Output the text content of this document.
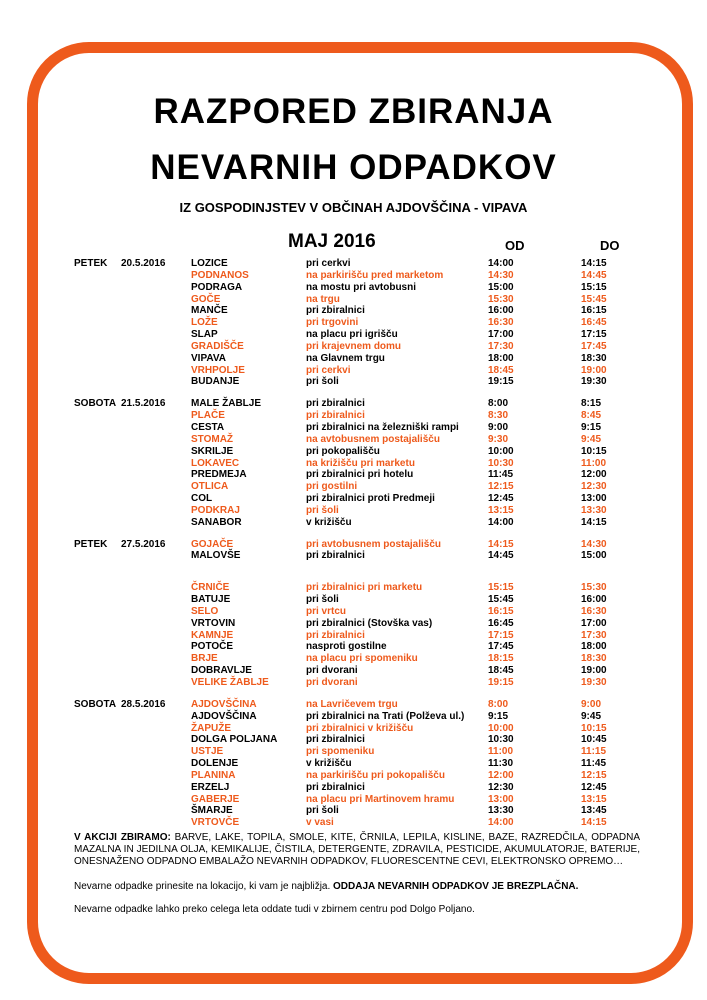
RAZPORED ZBIRANJA
NEVARNIH ODPADKOV
IZ GOSPODINJSTEV V OBČINAH AJDOVŠČINA - VIPAVA
MAJ 2016	OD	DO
PETEK 20.5.2016	LOZICE	pri cerkvi	14:00	14:15
PODNANOS	na parkirišču pred marketom	14:30	14:45
PODRAGA	na mostu pri avtobusni	15:00	15:15
GOČE	na trgu	15:30	15:45
MANČE	pri zbiralnici	16:00	16:15
LOŽE	pri trgovini	16:30	16:45
SLAP	na placu pri igrišču	17:00	17:15
GRADIŠČE	pri krajevnem domu	17:30	17:45
VIPAVA	na Glavnem trgu	18:00	18:30
VRHPOLJE	pri cerkvi	18:45	19:00
BUDANJE	pri šoli	19:15	19:30
SOBOTA 21.5.2016	MALE ŽABLJE	pri zbiralnici	8:00	8:15
PLAČE	pri zbiralnici	8:30	8:45
CESTA	pri zbiralnici na železniški rampi	9:00	9:15
STOMAŽ	na avtobusnem postajališču	9:30	9:45
SKRILJE	pri pokopališču	10:00	10:15
LOKAVEC	na križišču pri marketu	10:30	11:00
PREDMEJA	pri zbiralnici pri hotelu	11:45	12:00
OTLICA	pri gostilni	12:15	12:30
COL	pri zbiralnici proti Predmeji	12:45	13:00
PODKRAJ	pri šoli	13:15	13:30
SANABOR	v križišču	14:00	14:15
PETEK 27.5.2016	GOJAČE	pri avtobusnem postajališču	14:15	14:30
MALOVŠE	pri zbiralnici	14:45	15:00
ČRNIČE	pri zbiralnici pri marketu	15:15	15:30
BATUJE	pri šoli	15:45	16:00
SELO	pri vrtcu	16:15	16:30
VRTOVIN	pri zbiralnici (Stovška vas)	16:45	17:00
KAMNJE	pri zbiralnici	17:15	17:30
POTOČE	nasproti gostilne	17:45	18:00
BRJE	na placu pri spomeniku	18:15	18:30
DOBRAVLJE	pri dvorani	18:45	19:00
VELIKE ŽABLJE	pri dvorani	19:15	19:30
SOBOTA 28.5.2016	AJDOVŠČINA	na Lavričevem trgu	8:00	9:00
AJDOVŠČINA	pri zbiralnici na Trati (Polževa ul.) 9:15	9:45
ŽAPUŽE	pri zbiralnici v križišču	10:00	10:15
DOLGA POLJANA	pri zbiralnici	10:30	10:45
USTJE	pri spomeniku	11:00	11:15
DOLENJE	v križišču	11:30	11:45
PLANINA	na parkirišču pri pokopališču	12:00	12:15
ERZELJ	pri zbiralnici	12:30	12:45
GABERJE	na placu pri Martinovem hramu	13:00	13:15
ŠMARJE	pri šoli	13:30	13:45
VRTOVČE	v vasi	14:00	14:15
V AKCIJI ZBIRAMO: BARVE, LAKE, TOPILA, SMOLE, KITE, ČRNILA, LEPILA, KISLINE, BAZE, RAZREDČILA, ODPADNA MAZALNA IN JEDILNA OLJA, KEMIKALIJE, ČISTILA, DETERGENTE, ZDRAVILA, PESTICIDE, AKUMULATORJE, BATERIJE, ONESNAŽENO ODPADNO EMBALAŽO NEVARNIH ODPADKOV, FLUORESCENTNE CEVI, ELEKTRONSKO OPREMO…
Nevarne odpadke prinesite na lokacijo, ki vam je najbližja. ODDAJA NEVARNIH ODPADKOV JE BREZPLAČNA.
Nevarne odpadke lahko preko celega leta oddate tudi v zbirnem centru pod Dolgo Poljano.
